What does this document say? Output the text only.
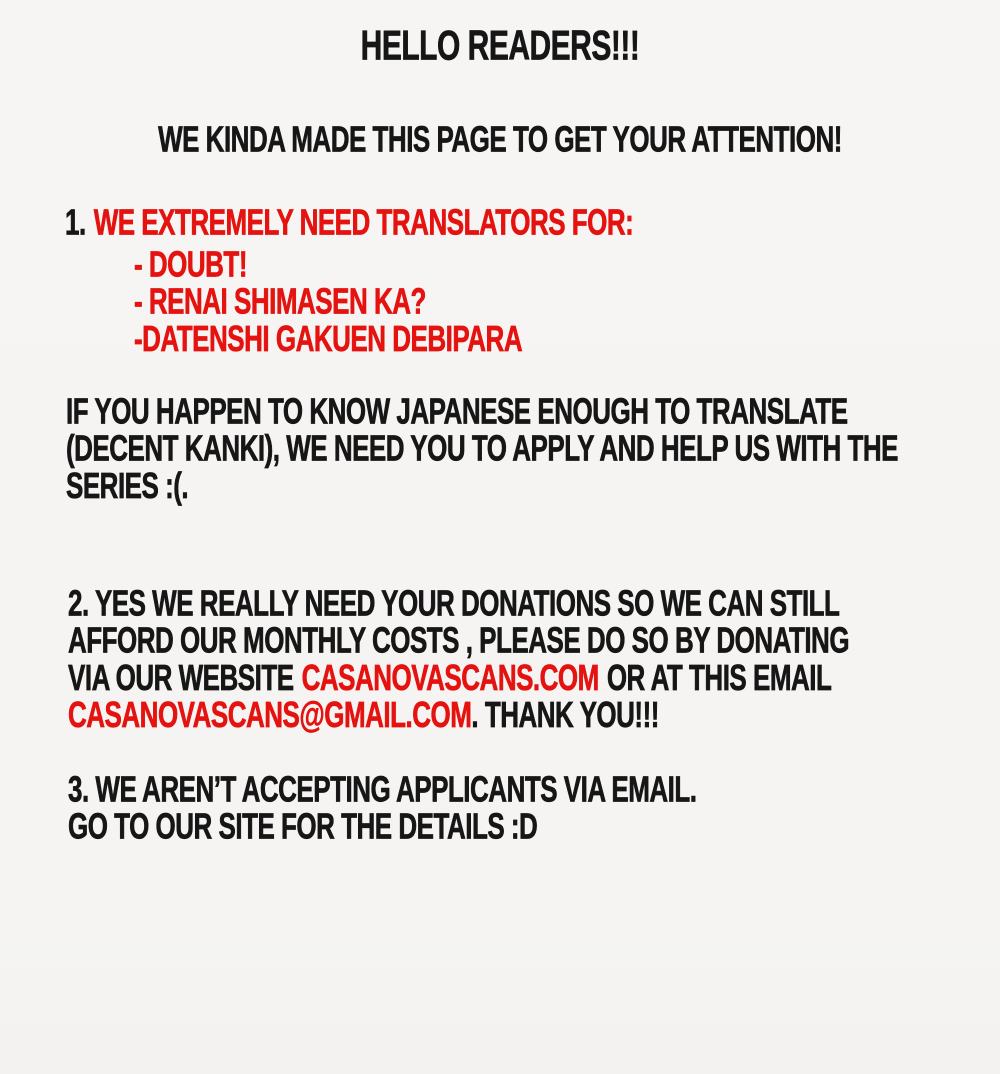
HELLO READERS!!!
WE KINDA MADE THIS PAGE TO GET YOUR ATTENTION!
1. WE EXTREMELY NEED TRANSLATORS FOR:
- DOUBT!
- RENAI SHIMASEN KA?
-DATENSHI GAKUEN DEBIPARA
IF YOU HAPPEN TO KNOW JAPANESE ENOUGH TO TRANSLATE
(DECENT KANKI), WE NEED YOU TO APPLY AND HELP US WITH THE
SERIES :(.
2. YES WE REALLY NEED YOUR DONATIONS SO WE CAN STILL
AFFORD OUR MONTHLY COSTS , PLEASE DO SO BY DONATING
VIA OUR WEBSITE CASANOVASCANS.COM OR AT THIS EMAIL
CASANOVASCANS@GMAIL.COM. THANK YOU!!!
3. WE AREN’T ACCEPTING APPLICANTS VIA EMAIL.
GO TO OUR SITE FOR THE DETAILS :D
